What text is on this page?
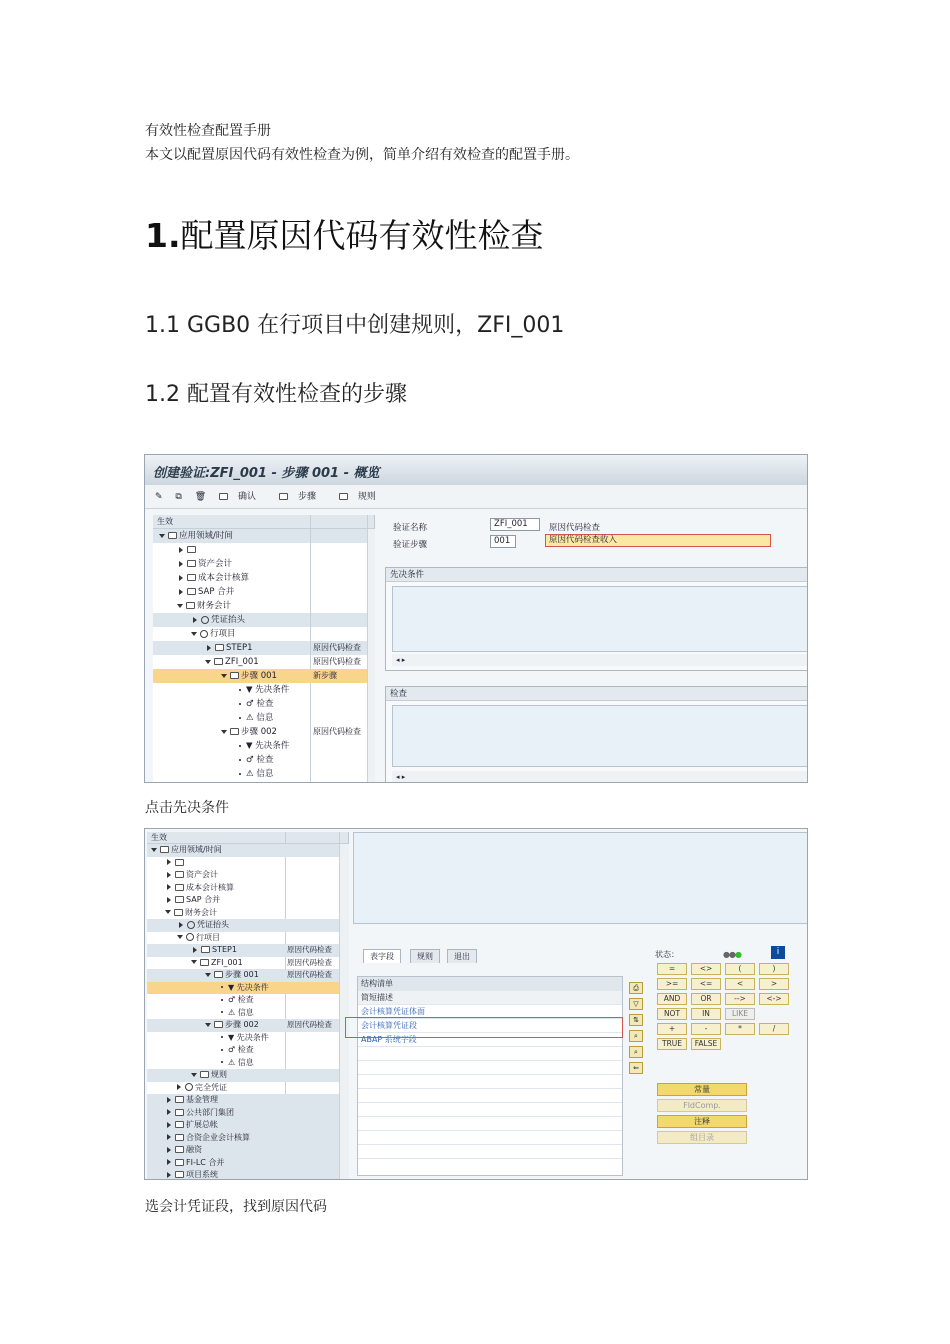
有效性检查配置手册
本文以配置原因代码有效性检查为例，简单介绍有效检查的配置手册。
1.配置原因代码有效性检查
1.1 GGB0 在行项目中创建规则，ZFI_001
1.2 配置有效性检查的步骤
创建验证:ZFI_001 - 步骤 001 - 概览
✎ ⧉ 🗑	确认	步骤	规则
生效
应用领域/时间
资产会计
成本会计核算
SAP 合并
财务会计
凭证抬头
行项目
STEP1	原因代码检查
ZFI_001	原因代码检查
步骤 001	新步骤
▼ 先决条件
♂ 检查
⚠ 信息
步骤 002	原因代码检查
▼ 先决条件
♂ 检查
⚠ 信息
验证名称	ZFI_001	原因代码检查
验证步骤	001	原因代码检查收入
先决条件
◂ ▸
检查
◂ ▸
点击先决条件
生效
应用领域/时间
资产会计
成本会计核算
SAP 合并
财务会计
凭证抬头
行项目
STEP1	原因代码检查
ZFI_001	原因代码检查
步骤 001	原因代码检查
▼ 先决条件
♂ 检查
⚠ 信息
步骤 002	原因代码检查
▼ 先决条件
♂ 检查
⚠ 信息
规则
完全凭证
基金管理
公共部门集团
扩展总帐
合资企业会计核算
融资
FI-LC 合并
项目系统
表字段	规则	退出
结构清单
简短描述
会计核算凭证体面
会计核算凭证段
ABAP 系统字段
⎙
▽
⇅
⌕
⌕
⇐
状态：	●●●	i
=	<>	(	)
>=	<=	<	>
AND	OR	-->	<->
NOT	IN	LIKE
+	-	*	/
TRUE	FALSE
常量
FldComp.
注释
组目录
选会计凭证段，找到原因代码
